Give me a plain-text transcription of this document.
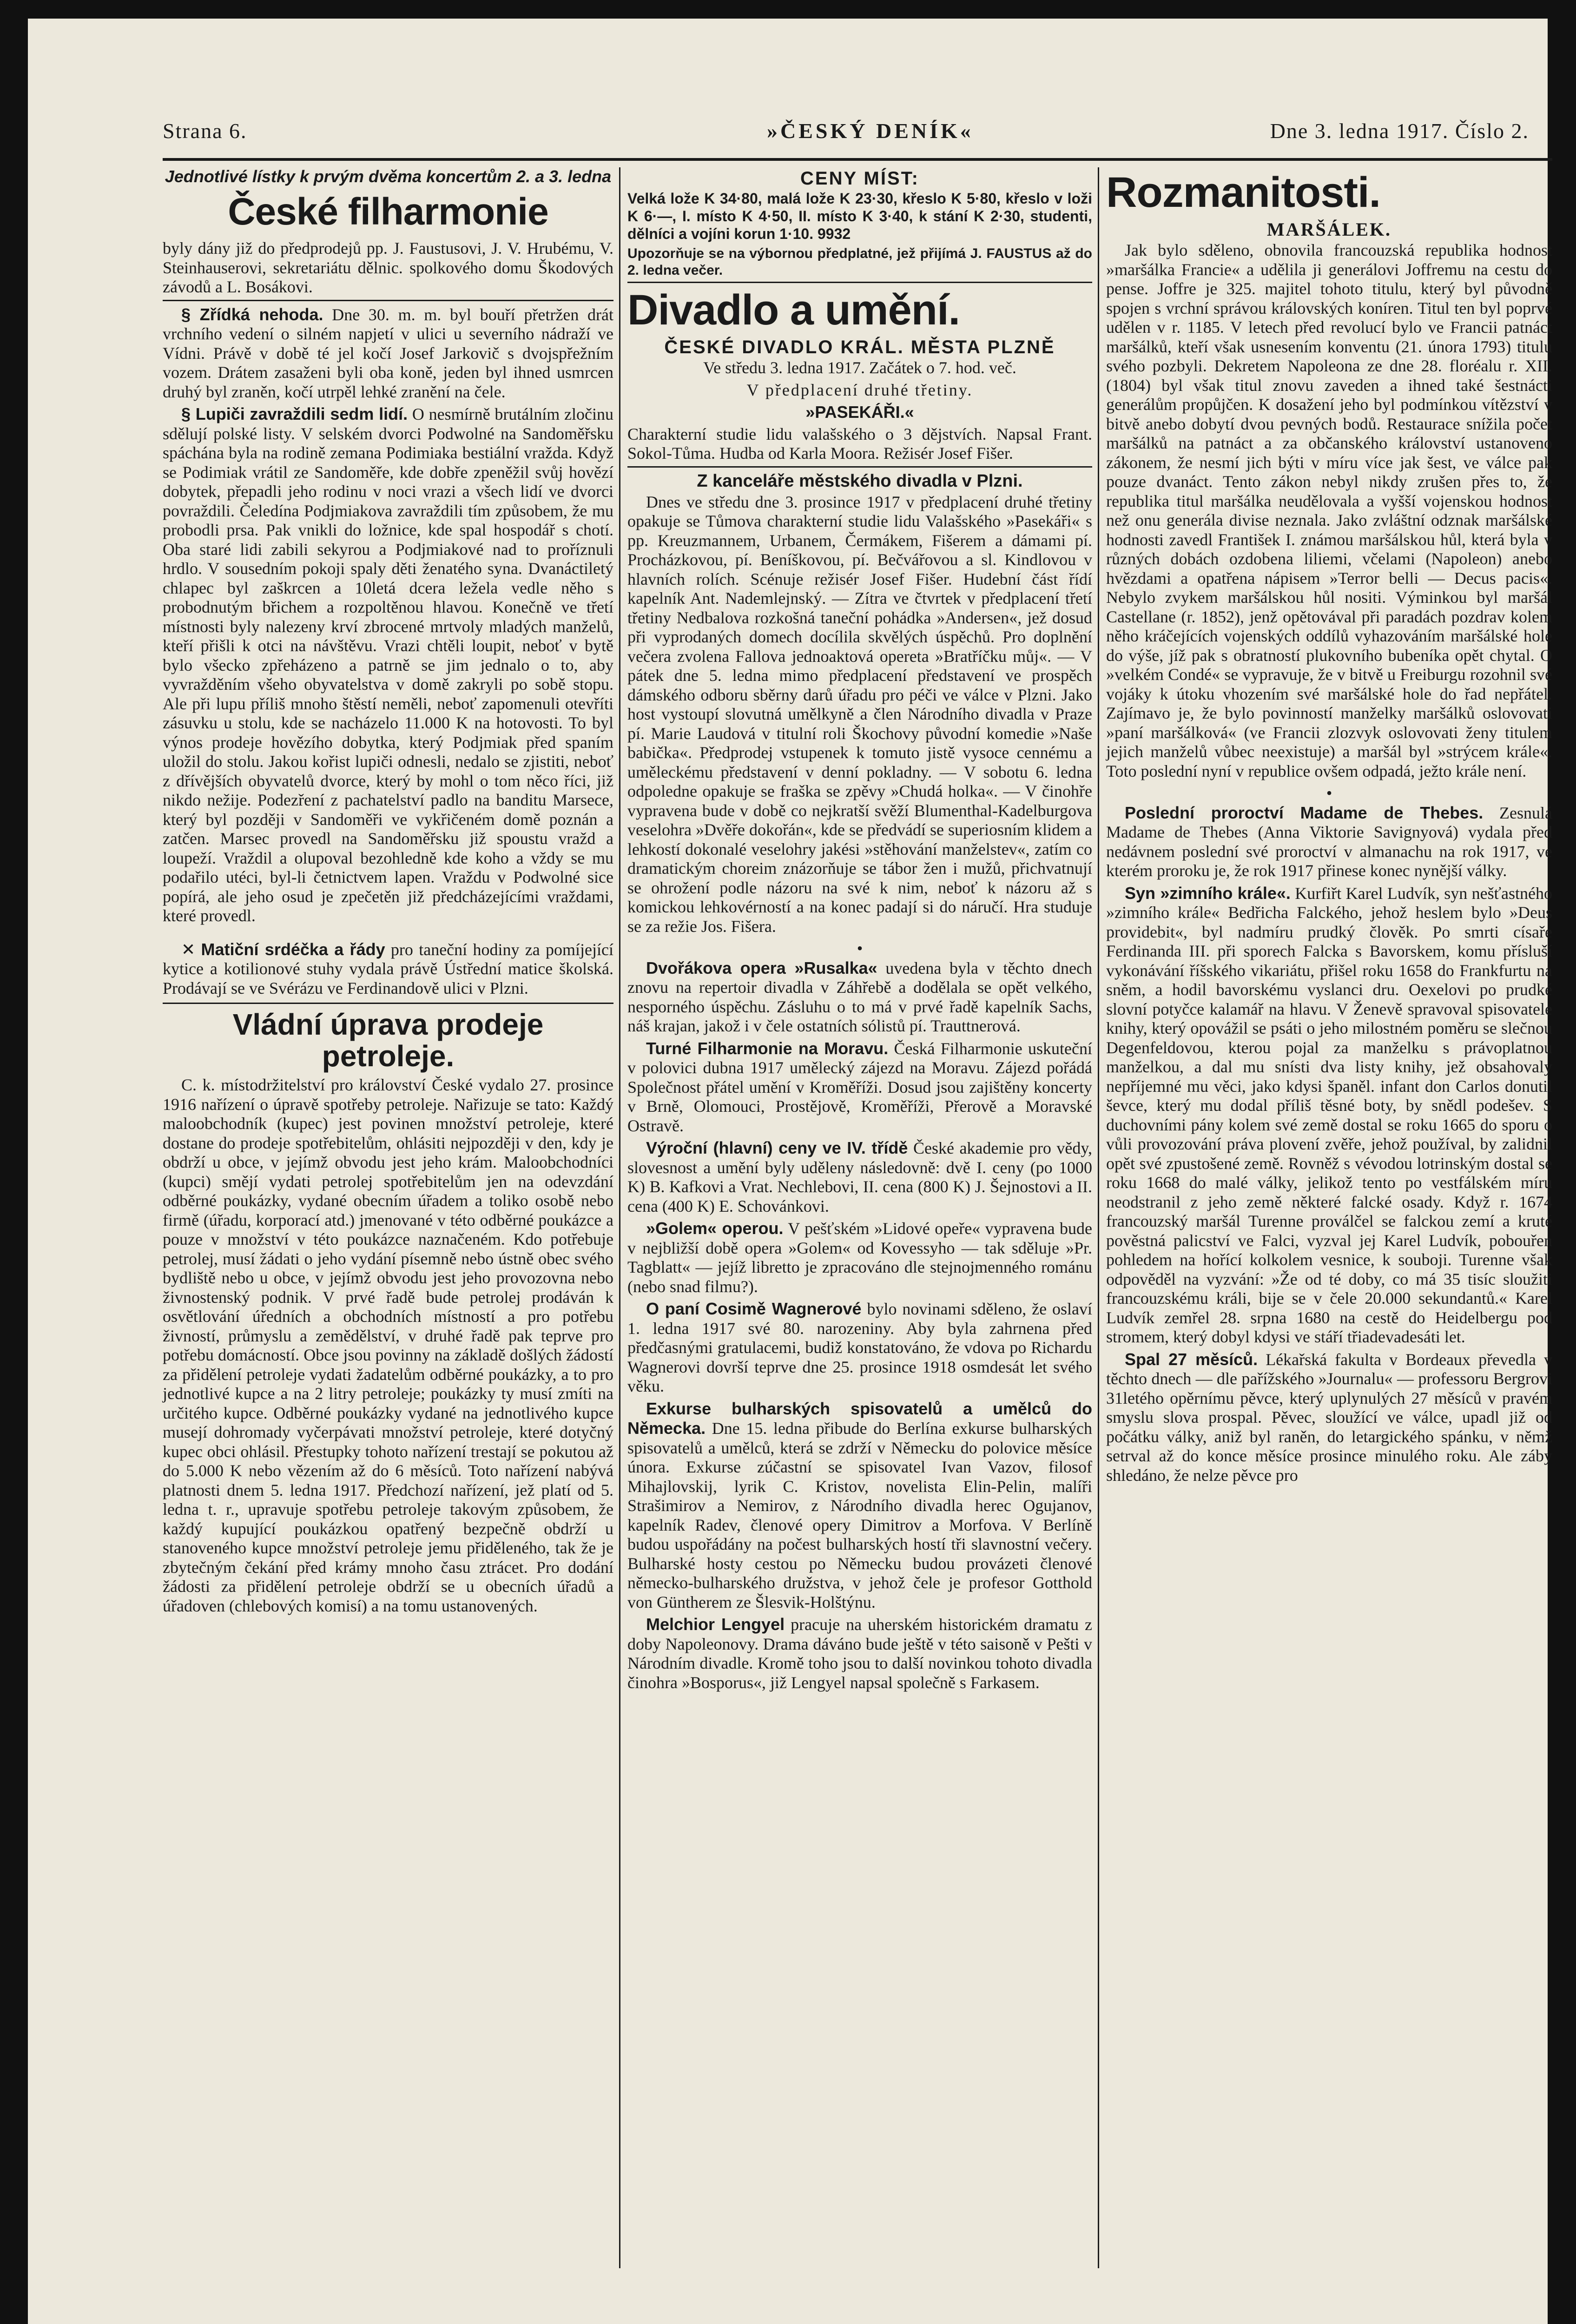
Strana 6.	»ČESKÝ DENÍK«	Dne 3. ledna 1917. Číslo 2.
Jednotlivé lístky k prvým dvěma koncertům 2. a 3. ledna
České filharmonie

byly dány již do předprodejů pp. J. Faustusovi, J. V. Hrubému, V. Steinhauserovi, sekretariátu dělnic. spolkového domu Škodových závodů a L. Bosákovi.

§ Zřídká nehoda. Dne 30. m. m. byl bouří přetržen drát vrchního vedení o silném napjetí v ulici u severního nádraží ve Vídni. Právě v době té jel kočí Josef Jarkovič s dvojspřežním vozem. Drátem zasaženi byli oba koně, jeden byl ihned usmrcen druhý byl zraněn, kočí utrpěl lehké zranění na čele.

§ Lupiči zavraždili sedm lidí. O nesmírně brutálním zločinu sdělují polské listy. V selském dvorci Podwolné na Sandoměřsku spáchána byla na rodině zemana Podimiaka bestiální vražda. Když se Podimiak vrátil ze Sandoměře, kde dobře zpeněžil svůj hovězí dobytek, přepadli jeho rodinu v noci vrazi a všech lidí ve dvorci povraždili. Čeledína Podjmiakova zavraždili tím způsobem, že mu probodli prsa. Pak vnikli do ložnice, kde spal hospodář s chotí. Oba staré lidi zabili sekyrou a Podjmiakové nad to proříznuli hrdlo. V sousedním pokoji spaly děti ženatého syna. Dvanáctiletý chlapec byl zaškrcen a 10letá dcera ležela vedle něho s probodnutým břichem a rozpoltěnou hlavou. Konečně ve třetí místnosti byly nalezeny krví zbrocené mrtvoly mladých manželů, kteří přišli k otci na návštěvu. Vrazi chtěli loupit, neboť v bytě bylo všecko zpřeházeno a patrně se jim jednalo o to, aby vyvražděním všeho obyvatelstva v domě zakryli po sobě stopu. Ale při lupu příliš mnoho štěstí neměli, neboť zapomenuli otevříti zásuvku u stolu, kde se nacházelo 11.000 K na hotovosti. To byl výnos prodeje hovězího dobytka, který Podjmiak před spaním uložil do stolu. Jakou kořist lupiči odnesli, nedalo se zjistiti, neboť z dřívějších obyvatelů dvorce, který by mohl o tom něco říci, již nikdo nežije. Podezření z pachatelství padlo na banditu Marsece, který byl později v Sandoměři ve vykřičeném domě poznán a zatčen. Marsec provedl na Sandoměřsku již spoustu vražd a loupeží. Vraždil a olupoval bezohledně kde koho a vždy se mu podařilo utéci, byl-li četnictvem lapen. Vraždu v Podwolné sice popírá, ale jeho osud je zpečetěn již předcházejícími vraždami, které provedl.

✕ Matiční srdéčka a řády pro taneční hodiny za pomíjející kytice a kotilionové stuhy vydala právě Ústřední matice školská. Prodávají se ve Svérázu ve Ferdinandově ulici v Plzni.

Vládní úprava prodeje petroleje.

C. k. místodržitelství pro království České vydalo 27. prosince 1916 nařízení o úpravě spotřeby petroleje. Nařizuje se tato: Každý maloobchodník (kupec) jest povinen množství petroleje, které dostane do prodeje spotřebitelům, ohlásiti nejpozději v den, kdy je obdrží u obce, v jejímž obvodu jest jeho krám. Maloobchodníci (kupci) smějí vydati petrolej spotřebitelům jen na odevzdání odběrné poukázky, vydané obecním úřadem a toliko osobě nebo firmě (úřadu, korporací atd.) jmenované v této odběrné poukázce a pouze v množství v této poukázce naznačeném. Kdo potřebuje petrolej, musí žádati o jeho vydání písemně nebo ústně obec svého bydliště nebo u obce, v jejímž obvodu jest jeho provozovna nebo živnostenský podnik. V prvé řadě bude petrolej prodáván k osvětlování úředních a obchodních místností a pro potřebu živností, průmyslu a zemědělství, v druhé řadě pak teprve pro potřebu domácností. Obce jsou povinny na základě došlých žádostí za přidělení petroleje vydati žadatelům odběrné poukázky, a to pro jednotlivé kupce a na 2 litry petroleje; poukázky ty musí zmíti na určitého kupce. Odběrné poukázky vydané na jednotlivého kupce musejí dohromady vyčerpávati množství petroleje, které dotyčný kupec obci ohlásil. Přestupky tohoto nařízení trestají se pokutou až do 5.000 K nebo vězením až do 6 měsíců. Toto nařízení nabývá platnosti dnem 5. ledna 1917. Předchozí nařízení, jež platí od 5. ledna t. r., upravuje spotřebu petroleje takovým způsobem, že každý kupující poukázkou opatřený bezpečně obdrží u stanoveného kupce množství petroleje jemu přiděleného, tak že je zbytečným čekání před krámy mnoho času ztrácet. Pro dodání žádosti za přidělení petroleje obdrží se u obecních úřadů a úřadoven (chlebových komisí) a na tomu ustanovených.

CENY MÍST:

Velká lože K 34·80, malá lože K 23·30, křeslo K 5·80, křeslo v loži K 6·—, I. místo K 4·50, II. místo K 3·40, k stání K 2·30, studenti, dělníci a vojíni korun 1·10. 9932

Upozorňuje se na výbornou předplatné, jež přijímá J. FAUSTUS až do 2. ledna večer.

Divadlo a umění.
ČESKÉ DIVADLO KRÁL. MĚSTA PLZNĚ

Ve středu 3. ledna 1917. Začátek o 7. hod. več.

V předplacení druhé třetiny.

»PASEKÁŘI.«

Charakterní studie lidu valašského o 3 dějstvích. Napsal Frant. Sokol-Tůma. Hudba od Karla Moora. Režisér Josef Fišer.

Z kanceláře městského divadla v Plzni.

Dnes ve středu dne 3. prosince 1917 v předplacení druhé třetiny opakuje se Tůmova charakterní studie lidu Valašského »Pasekáři« s pp. Kreuzmannem, Urbanem, Čermákem, Fišerem a dámami pí. Procházkovou, pí. Beníškovou, pí. Bečvářovou a sl. Kindlovou v hlavních rolích. Scénuje režisér Josef Fišer. Hudební část řídí kapelník Ant. Nademlejnský. — Zítra ve čtvrtek v předplacení třetí třetiny Nedbalova rozkošná taneční pohádka »Andersen«, jež dosud při vyprodaných domech docílila skvělých úspěchů. Pro doplnění večera zvolena Fallova jednoaktová opereta »Bratříčku můj«. — V pátek dne 5. ledna mimo předplacení představení ve prospěch dámského odboru sběrny darů úřadu pro péči ve válce v Plzni. Jako host vystoupí slovutná umělkyně a člen Národního divadla v Praze pí. Marie Laudová v titulní roli Škochovy původní komedie »Naše babička«. Předprodej vstupenek k tomuto jistě vysoce cennému a uměleckému představení v denní pokladny. — V sobotu 6. ledna odpoledne opakuje se fraška se zpěvy »Chudá holka«. — V činohře vypravena bude v době co nejkratší svěží Blumenthal-Kadelburgova veselohra »Dvěře dokořán«, kde se předvádí se superiosním klidem a lehkostí dokonalé veselohry jakési »stěhování manželstev«, zatím co dramatickým choreim znázorňuje se tábor žen i mužů, přichvatnují se ohrožení podle názoru na své k nim, neboť k názoru až s komickou lehkovérností a na konec padají si do náručí. Hra studuje se za režie Jos. Fišera.

•

Dvořákova opera »Rusalka« uvedena byla v těchto dnech znovu na repertoir divadla v Záhřebě a dodělala se opět velkého, nesporného úspěchu. Zásluhu o to má v prvé řadě kapelník Sachs, náš krajan, jakož i v čele ostatních sólistů pí. Trauttnerová.

Turné Filharmonie na Moravu. Česká Filharmonie uskuteční v polovici dubna 1917 umělecký zájezd na Moravu. Zájezd pořádá Společnost přátel umění v Kroměříži. Dosud jsou zajištěny koncerty v Brně, Olomouci, Prostějově, Kroměříži, Přerově a Moravské Ostravě.

Výroční (hlavní) ceny ve IV. třídě České akademie pro vědy, slovesnost a umění byly uděleny následovně: dvě I. ceny (po 1000 K) B. Kafkovi a Vrat. Nechlebovi, II. cena (800 K) J. Šejnostovi a II. cena (400 K) E. Schovánkovi.

»Golem« operou. V pešťském »Lidové opeře« vypravena bude v nejbližší době opera »Golem« od Kovessyho — tak sděluje »Pr. Tagblatt« — jejíž libretto je zpracováno dle stejnojmenného románu (nebo snad filmu?).

O paní Cosimě Wagnerové bylo novinami sděleno, že oslaví 1. ledna 1917 své 80. narozeniny. Aby byla zahrnena před předčasnými gratulacemi, budiž konstatováno, že vdova po Richardu Wagnerovi dovrší teprve dne 25. prosince 1918 osmdesát let svého věku.

Exkurse bulharských spisovatelů a umělců do Německa. Dne 15. ledna přibude do Berlína exkurse bulharských spisovatelů a umělců, která se zdrží v Německu do polovice měsíce února. Exkurse zúčastní se spisovatel Ivan Vazov, filosof Mihajlovskij, lyrik C. Kristov, novelista Elin-Pelin, malíři Strašimirov a Nemirov, z Národního divadla herec Ogujanov, kapelník Radev, členové opery Dimitrov a Morfova. V Berlíně budou uspořádány na počest bulharských hostí tři slavnostní večery. Bulharské hosty cestou po Německu budou provázeti členové německo-bulharského družstva, v jehož čele je profesor Gotthold von Güntherem ze Šlesvik-Holštýnu.

Melchior Lengyel pracuje na uherském historickém dramatu z doby Napoleonovy. Drama dáváno bude ještě v této saisoně v Pešti v Národním divadle. Kromě toho jsou to další novinkou tohoto divadla činohra »Bosporus«, již Lengyel napsal společně s Farkasem.

Rozmanitosti.
MARŠÁLEK.

Jak bylo sděleno, obnovila francouzská republika hodnost »maršálka Francie« a udělila ji generálovi Joffremu na cestu do pense. Joffre je 325. majitel tohoto titulu, který byl původně spojen s vrchní správou královských koníren. Titul ten byl poprvé udělen v r. 1185. V letech před revolucí bylo ve Francii patnáct maršálků, kteří však usnesením konventu (21. února 1793) titulu svého pozbyli. Dekretem Napoleona ze dne 28. floréalu r. XII. (1804) byl však titul znovu zaveden a ihned také šestnácti generálům propůjčen. K dosažení jeho byl podmínkou vítězství v bitvě anebo dobytí dvou pevných bodů. Restaurace snížila počet maršálků na patnáct a za občanského království ustanoveno zákonem, že nesmí jich býti v míru více jak šest, ve válce pak pouze dvanáct. Tento zákon nebyl nikdy zrušen přes to, že republika titul maršálka neudělovala a vyšší vojenskou hodnost než onu generála divise neznala. Jako zvláštní odznak maršálské hodnosti zavedl František I. známou maršálskou hůl, která byla v různých dobách ozdobena liliemi, včelami (Napoleon) anebo hvězdami a opatřena nápisem »Terror belli — Decus pacis«. Nebylo zvykem maršálskou hůl nositi. Výminkou byl maršál Castellane (r. 1852), jenž opětovával při paradách pozdrav kolem něho kráčejících vojenských oddílů vyhazováním maršálské hole do výše, jíž pak s obratností plukovního bubeníka opět chytal. O »velkém Condé« se vypravuje, že v bitvě u Freiburgu rozohnil své vojáky k útoku vhozením své maršálské hole do řad nepřátel. Zajímavo je, že bylo povinností manželky maršálků oslovovati »paní maršálková« (ve Francii zlozvyk oslovovati ženy titulem jejich manželů vůbec neexistuje) a maršál byl »strýcem krále«. Toto poslední nyní v republice ovšem odpadá, ježto krále není.

•

Poslední proroctví Madame de Thebes. Zesnulá Madame de Thebes (Anna Viktorie Savignyová) vydala před nedávnem poslední své proroctví v almanachu na rok 1917, ve kterém proroku je, že rok 1917 přinese konec nynější války.

Syn »zimního krále«. Kurfiřt Karel Ludvík, syn nešťastného »zimního krále« Bedřicha Falckého, jehož heslem bylo »Deus providebit«, byl nadmíru prudký člověk. Po smrti císaře Ferdinanda III. při sporech Falcka s Bavorskem, komu přísluší vykonávání říšského vikariátu, přišel roku 1658 do Frankfurtu na sněm, a hodil bavorskému vyslanci dru. Oexelovi po prudké slovní potyčce kalamář na hlavu. V Ženevě spravoval spisovatele knihy, který opovážil se psáti o jeho milostném poměru se slečnou Degenfeldovou, kterou pojal za manželku s právoplatnou manželkou, a dal mu snísti dva listy knihy, jež obsahovaly nepříjemné mu věci, jako kdysi španěl. infant don Carlos donutil ševce, který mu dodal příliš těsné boty, by snědl podešev. S duchovními pány kolem své země dostal se roku 1665 do sporu o vůli provozování práva plovení zvěře, jehož používal, by zalidnil opět své zpustošené země. Rovněž s vévodou lotrinským dostal se roku 1668 do malé války, jelikož tento po vestfálském míru neodstranil z jeho země některé falcké osady. Když r. 1674 francouzský maršál Turenne proválčel se falckou zemí a kruté pověstná palicství ve Falci, vyzval jej Karel Ludvík, pobouřen pohledem na hořící kolkolem vesnice, k souboji. Turenne však odpověděl na vyzvání: »Že od té doby, co má 35 tisíc sloužiti francouzskému králi, bije se v čele 20.000 sekundantů.« Karel Ludvík zemřel 28. srpna 1680 na cestě do Heidelbergu pod stromem, který dobyl kdysi ve stáří třiadevadesáti let.

Spal 27 měsíců. Lékařská fakulta v Bordeaux převedla v těchto dnech — dle pařížského »Journalu« — professoru Bergrovi 31letého opěrnímu pěvce, který uplynulých 27 měsíců v pravém smyslu slova prospal. Pěvec, sloužící ve válce, upadl již od počátku války, aniž byl raněn, do letargického spánku, v němž setrval až do konce měsíce prosince minulého roku. Ale záby shledáno, že nelze pěvce pro
